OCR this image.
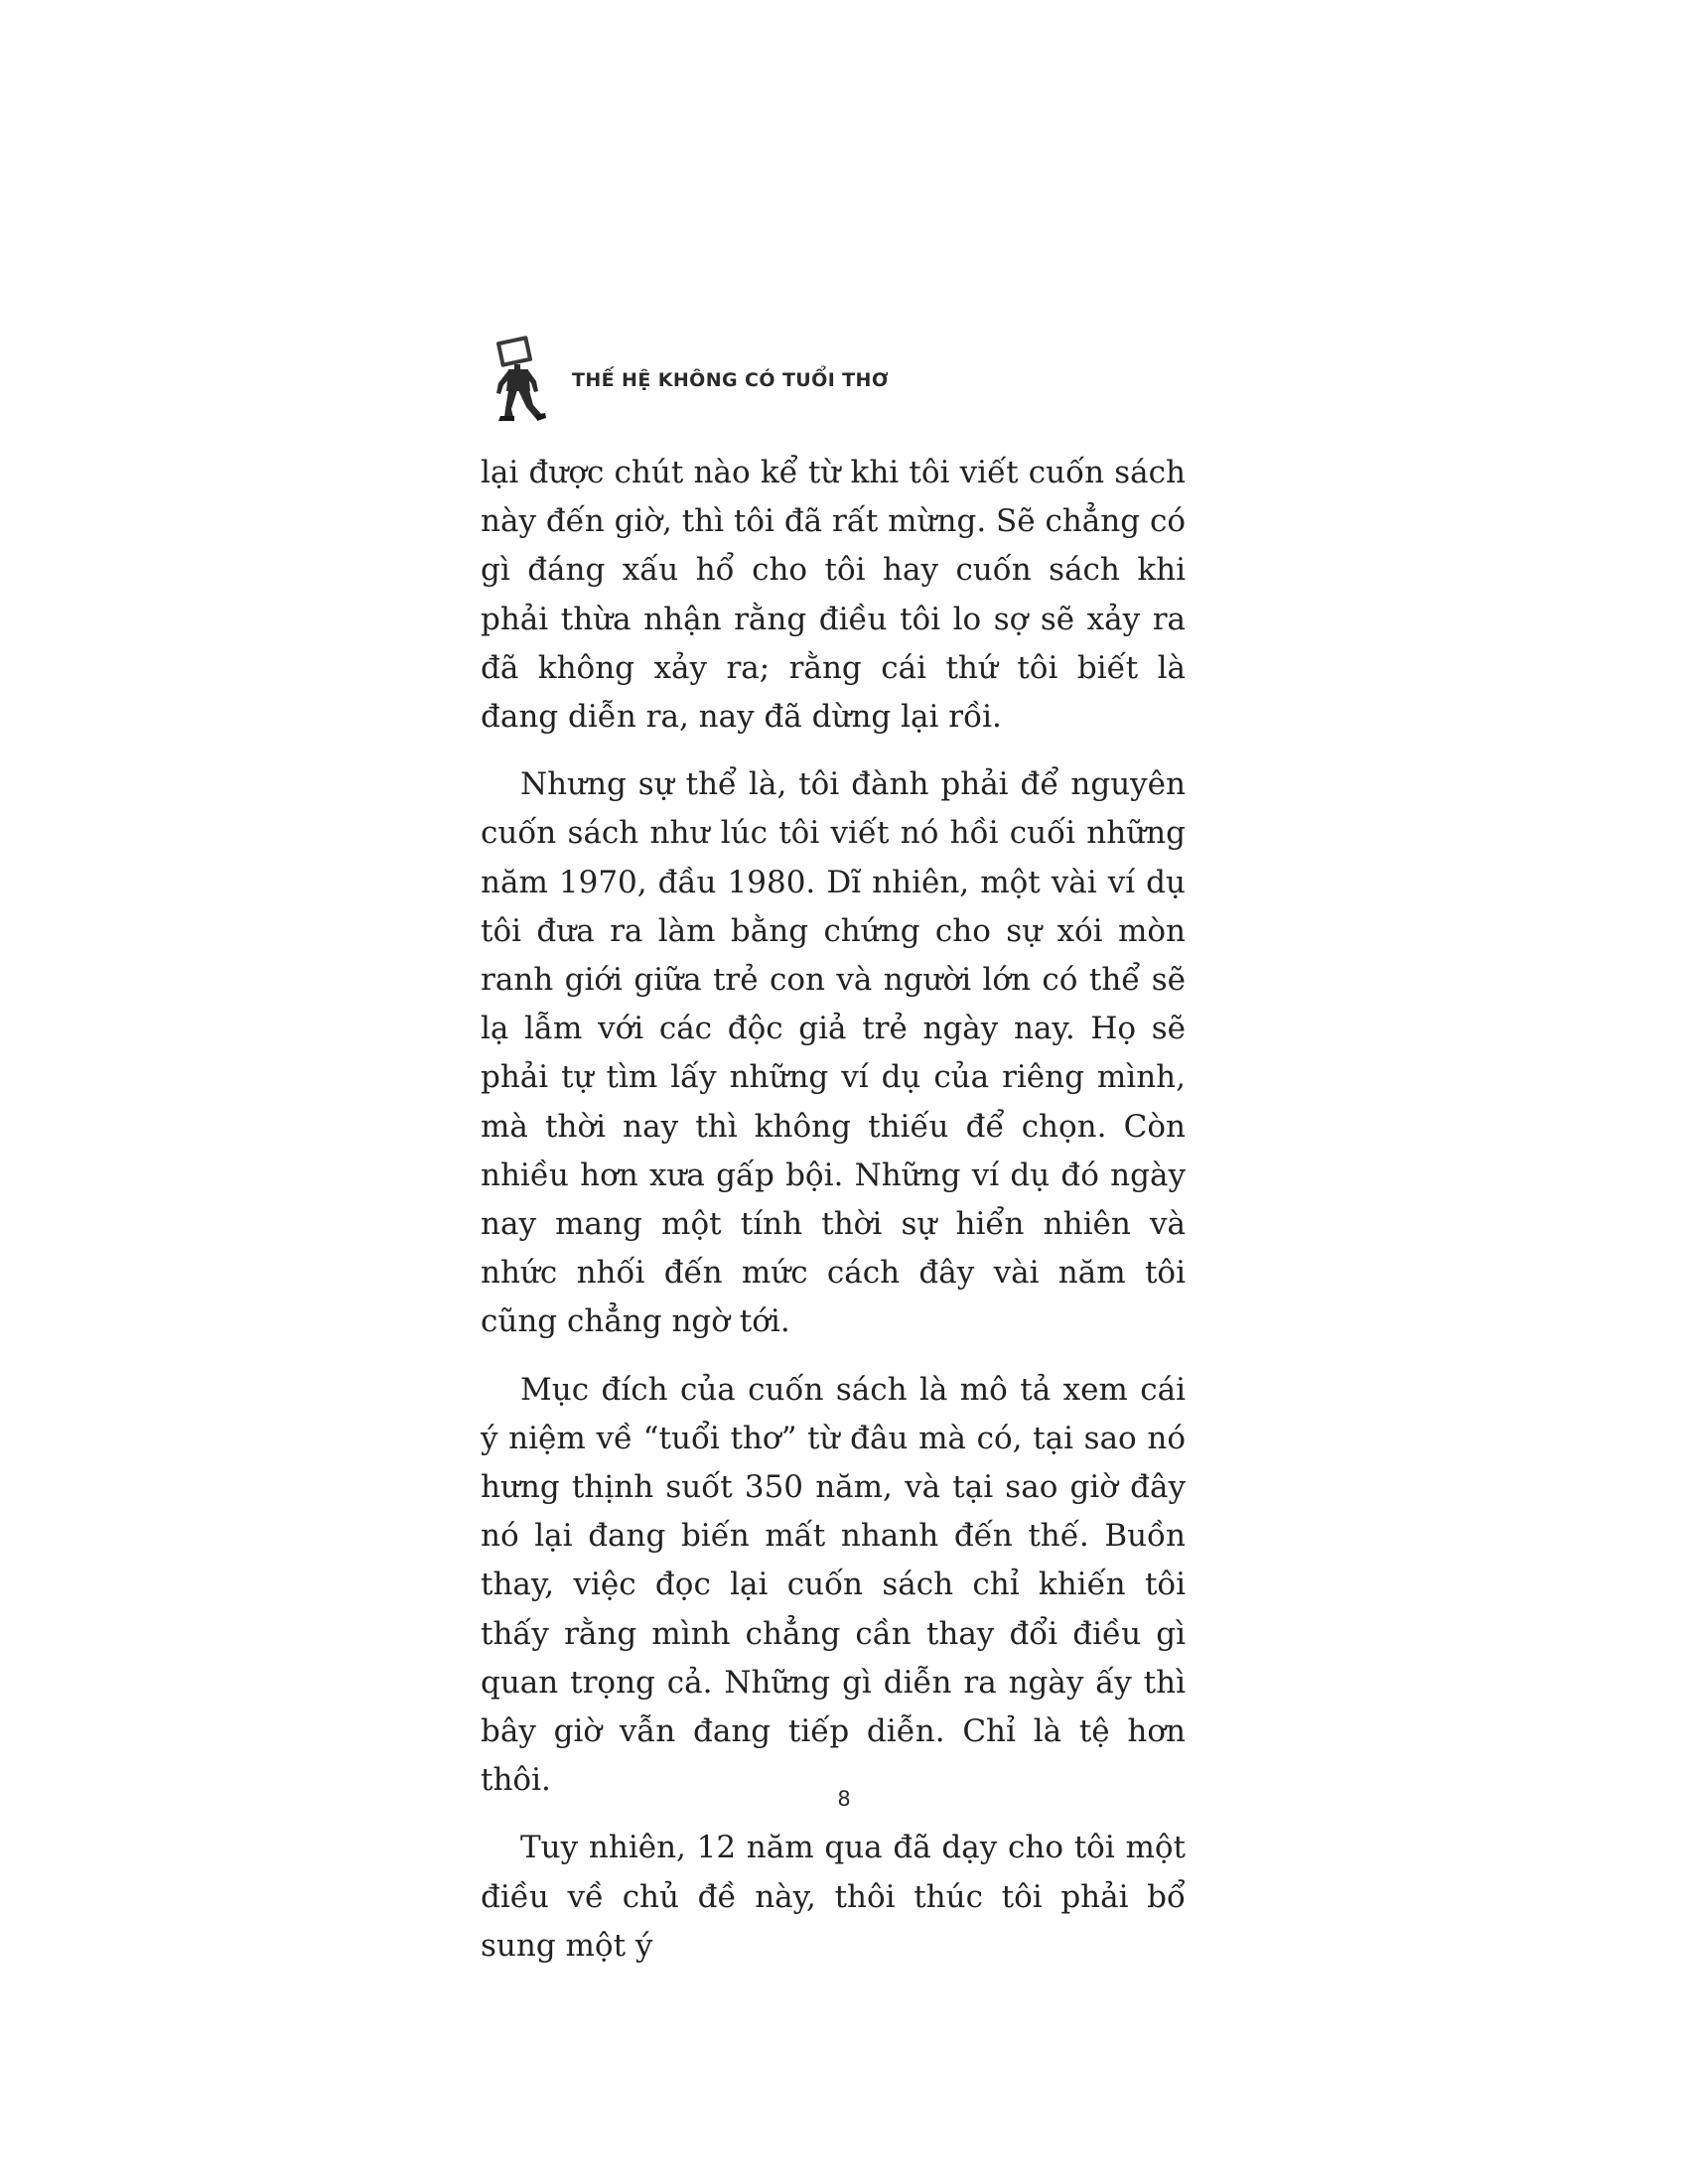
THẾ HỆ KHÔNG CÓ TUỔI THƠ

lại được chút nào kể từ khi tôi viết cuốn sách này đến giờ, thì tôi đã rất mừng. Sẽ chẳng có gì đáng xấu hổ cho tôi hay cuốn sách khi phải thừa nhận rằng điều tôi lo sợ sẽ xảy ra đã không xảy ra; rằng cái thứ tôi biết là đang diễn ra, nay đã dừng lại rồi.

Nhưng sự thể là, tôi đành phải để nguyên cuốn sách như lúc tôi viết nó hồi cuối những năm 1970, đầu 1980. Dĩ nhiên, một vài ví dụ tôi đưa ra làm bằng chứng cho sự xói mòn ranh giới giữa trẻ con và người lớn có thể sẽ lạ lẫm với các độc giả trẻ ngày nay. Họ sẽ phải tự tìm lấy những ví dụ của riêng mình, mà thời nay thì không thiếu để chọn. Còn nhiều hơn xưa gấp bội. Những ví dụ đó ngày nay mang một tính thời sự hiển nhiên và nhức nhối đến mức cách đây vài năm tôi cũng chẳng ngờ tới.

Mục đích của cuốn sách là mô tả xem cái ý niệm về “tuổi thơ” từ đâu mà có, tại sao nó hưng thịnh suốt 350 năm, và tại sao giờ đây nó lại đang biến mất nhanh đến thế. Buồn thay, việc đọc lại cuốn sách chỉ khiến tôi thấy rằng mình chẳng cần thay đổi điều gì quan trọng cả. Những gì diễn ra ngày ấy thì bây giờ vẫn đang tiếp diễn. Chỉ là tệ hơn thôi.

Tuy nhiên, 12 năm qua đã dạy cho tôi một điều về chủ đề này, thôi thúc tôi phải bổ sung một ý

8
